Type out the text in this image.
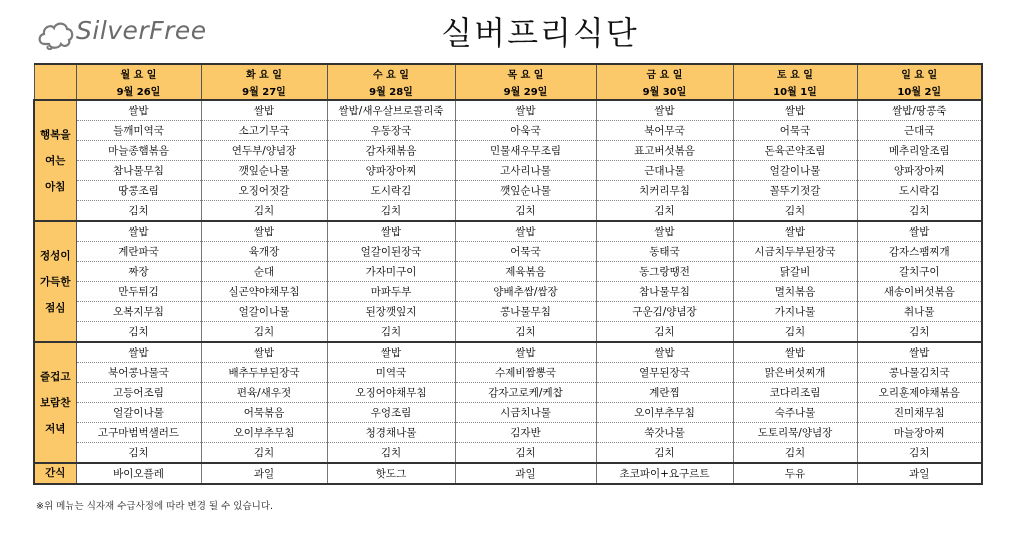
SilverFree	실버프리식단
	월 요 일	화 요 일	수 요 일	목 요 일	금 요 일	토 요 일	일 요 일
	9월 26일	9월 27일	9월 28일	9월 29일	9월 30일	10월 1일	10월 2일

행복을
여는
아침	쌀밥	쌀밥	쌀밥/새우살브로콜리죽	쌀밥	쌀밥	쌀밥	쌀밥/땅콩죽
	들깨미역국	소고기무국	우동장국	아욱국	북어무국	어묵국	근대국
	마늘종햄볶음	연두부/양념장	감자채볶음	민물새우무조림	표고버섯볶음	돈육곤약조림	메추리알조림
	참나물무침	깻잎순나물	양파장아찌	고사리나물	근대나물	얼갈이나물	양파장아찌
	땅콩조림	오징어젓갈	도시락김	깻잎순나물	치커리무침	꼴뚜기젓갈	도시락김
	김치	김치	김치	김치	김치	김치	김치

정성이
가득한
점심	쌀밥	쌀밥	쌀밥	쌀밥	쌀밥	쌀밥	쌀밥
	계란파국	육개장	얼갈이된장국	어묵국	동태국	시금치두부된장국	감자스팸찌개
	짜장	순대	가자미구이	제육볶음	동그랑땡전	닭갈비	갈치구이
	만두튀김	실곤약야채무침	마파두부	양배추쌈/쌈장	참나물무침	멸치볶음	새송이버섯볶음
	오복지무침	얼갈이나물	된장깻잎지	콩나물무침	구운김/양념장	가지나물	취나물
	김치	김치	김치	김치	김치	김치	김치

즐겁고
보람찬
저녁	쌀밥	쌀밥	쌀밥	쌀밥	쌀밥	쌀밥	쌀밥
	북어콩나물국	배추두부된장국	미역국	수제비짬뽕국	열무된장국	맑은버섯찌개	콩나물김치국
	고등어조림	편육/새우젓	오징어야채무침	감자고로케/케찹	계란찜	코다리조림	오리훈제야채볶음
	얼갈이나물	어묵볶음	우엉조림	시금치나물	오이부추무침	숙주나물	진미채무침
	고구마범벅샐러드	오이부추무침	청경채나물	김자반	쑥갓나물	도토리묵/양념장	마늘장아찌
	김치	김치	김치	김치	김치	김치	김치
간식	바이오플레	과일	핫도그	과일	초코파이+요구르트	두유	과일
※위 메뉴는 식자재 수급사정에 따라 변경 될 수 있습니다.
